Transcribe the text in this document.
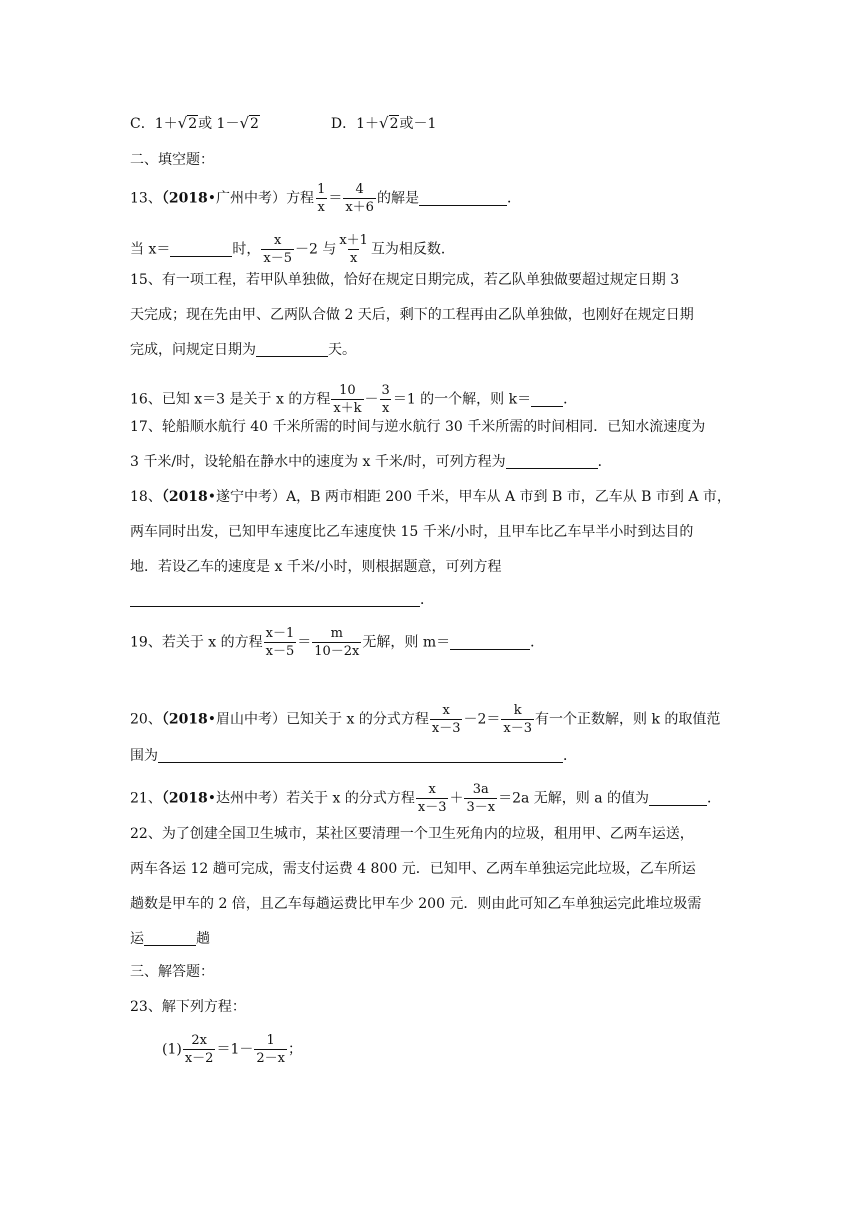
C．1＋√2或 1－√2	D．1＋√2或－1
二、填空题：
13、（2018•广州中考）方程 $\frac{1}{x} = \frac{4}{x+6}$ 的解是	．
当 x＝	时， $\frac{x}{x-5} -2$ 与 $\frac{x+1}{x}$ 互为相反数．
15、有一项工程，若甲队单独做，恰好在规定日期完成，若乙队单独做要超过规定日期 3
天完成；现在先由甲、乙两队合做 2 天后，剩下的工程再由乙队单独做，也刚好在规定日期
完成，问规定日期为	天。
16、已知 x＝3 是关于 x 的方程 $\frac{10}{x+k} - \frac{3}{x} =1$ 的一个解，则 k＝ ．
17、轮船顺水航行 40 千米所需的时间与逆水航行 30 千米所需的时间相同．已知水流速度为
3 千米/时，设轮船在静水中的速度为 x 千米/时，可列方程为	．
18、（2018•遂宁中考）A，B 两市相距 200 千米，甲车从 A 市到 B 市，乙车从 B 市到 A 市，
两车同时出发，已知甲车速度比乙车速度快 15 千米/小时，且甲车比乙车早半小时到达目的
地．若设乙车的速度是 x 千米/小时，则根据题意，可列方程
．
19、若关于 x 的方程 $\frac{x-1}{x-5} = \frac{m}{10-2x}$ 无解，则 m＝	．
20、（2018•眉山中考）已知关于 x 的分式方程 $\frac{x}{x-3} -2= \frac{k}{x-3}$ 有一个正数解，则 k 的取值范
围为	．
21、（2018•达州中考）若关于 x 的分式方程 $\frac{x}{x-3} + \frac{3a}{3-x} =2a$ 无解，则 a 的值为	．
22、为了创建全国卫生城市，某社区要清理一个卫生死角内的垃圾，租用甲、乙两车运送，
两车各运 12 趟可完成，需支付运费 4 800 元．已知甲、乙两车单独运完此垃圾，乙车所运
趟数是甲车的 2 倍，且乙车每趟运费比甲车少 200 元．则由此可知乙车单独运完此堆垃圾需
运	趟
三、解答题：
23、解下列方程：
$(1) \frac{2x}{x-2} =1- \frac{1}{2-x}$ ；
